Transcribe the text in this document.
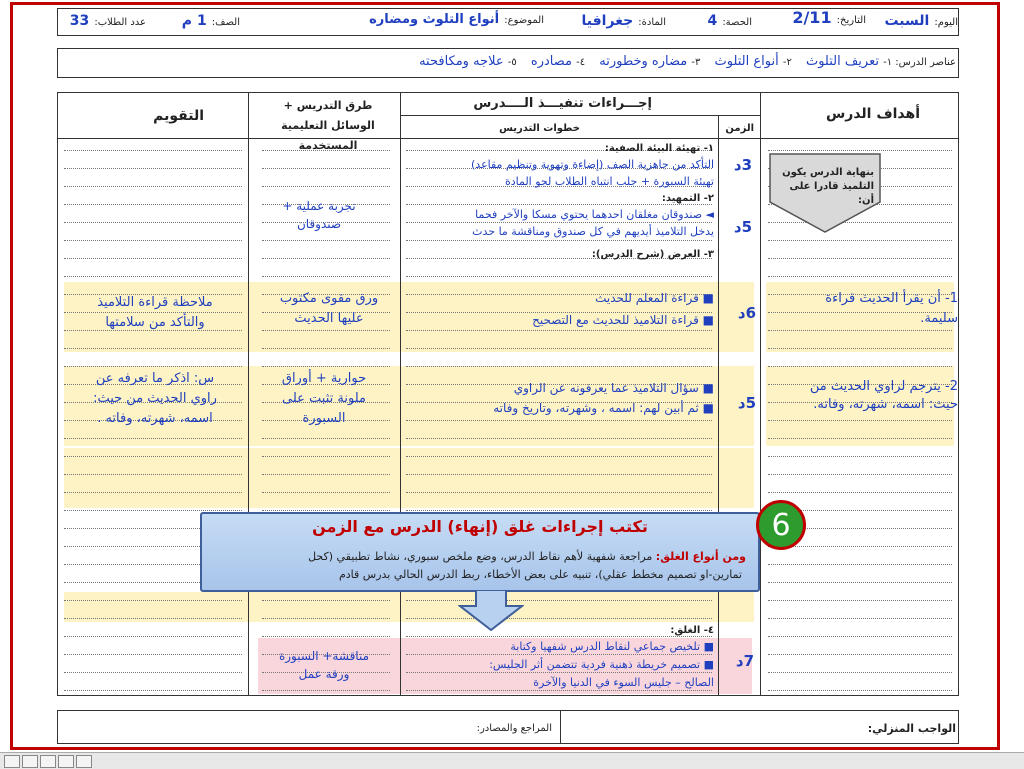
اليوم: السبت
التاريخ: 2/11
الحصة: 4
المادة: جغرافيا
الموضوع: أنواع التلوث ومضاره
الصف: 1 م
عدد الطلاب: 33
عناصر الدرس: ١- تعريف التلوث ٢- أنواع التلوث ٣- مضاره وخطورته ٤- مصادره ٥- علاجه ومكافحته
أهداف الدرس
إجـــراءات تنفيـــذ الــــدرس
الزمن
خطوات التدريس
طرق التدريس + الوسائل التعليمية المستخدمة
التقويم
بنهاية الدرس يكون التلميذ قادرا على أن:
1- أن يقرأ الحديث قراءة
سليمة.
2- يترجم لراوي الحديث من
حيث: اسمه، شهرته، وفاته.
١- تهيئة البيئة الصفية:
التأكد من جاهزية الصف (إضاءة وتهوية وتنظيم مقاعد)
تهيئة السبورة + جلب انتباه الطلاب لجو المادة
٢- التمهيد:
◄ صندوقان مغلقان احدهما يحتوي مسكا والآخر فحما
يدخل التلاميذ أيديهم في كل صندوق ومناقشة ما حدث
٣- العرض (شرح الدرس):
■ قراءة المعلم للحديث
■ قراءة التلاميذ للحديث مع التصحيح
■ سؤال التلاميذ عما يعرفونه عن الراوي
■ ثم أبين لهم: اسمه ، وشهرته، وتاريخ وفاته
٤- الغلق:
■ تلخيص جماعي لنقاط الدرس شفهيا وكتابة
■ تصميم خريطة ذهنية فردية تتضمن أثر الجليس:
الصالح – جليس السوء في الدنيا والآخرة
3د
5د
6د
5د
7د
تجربة عملية +
صندوقان
ورق مقوى مكتوب
عليها الحديث
حوارية + أوراق
ملونة تثبت على
السبورة
مناقشة+ السبورة
ورقة عمل
ملاحظة قراءة التلاميذ
والتأكد من سلامتها
س: اذكر ما تعرفه عن
راوي الحديث من حيث:
اسمه، شهرته، وفاته .
تكتب إجراءات غلق (إنهاء) الدرس مع الزمن
ومن أنواع الغلق: مراجعة شفهية لأهم نقاط الدرس، وضع ملخص سبوري، نشاط تطبيقي (كحل
تمارين-او تصميم مخطط عقلي)، تنبيه على بعض الأخطاء، ربط الدرس الحالي بدرس قادم
6
الواجب المنزلي:
المراجع والمصادر:
